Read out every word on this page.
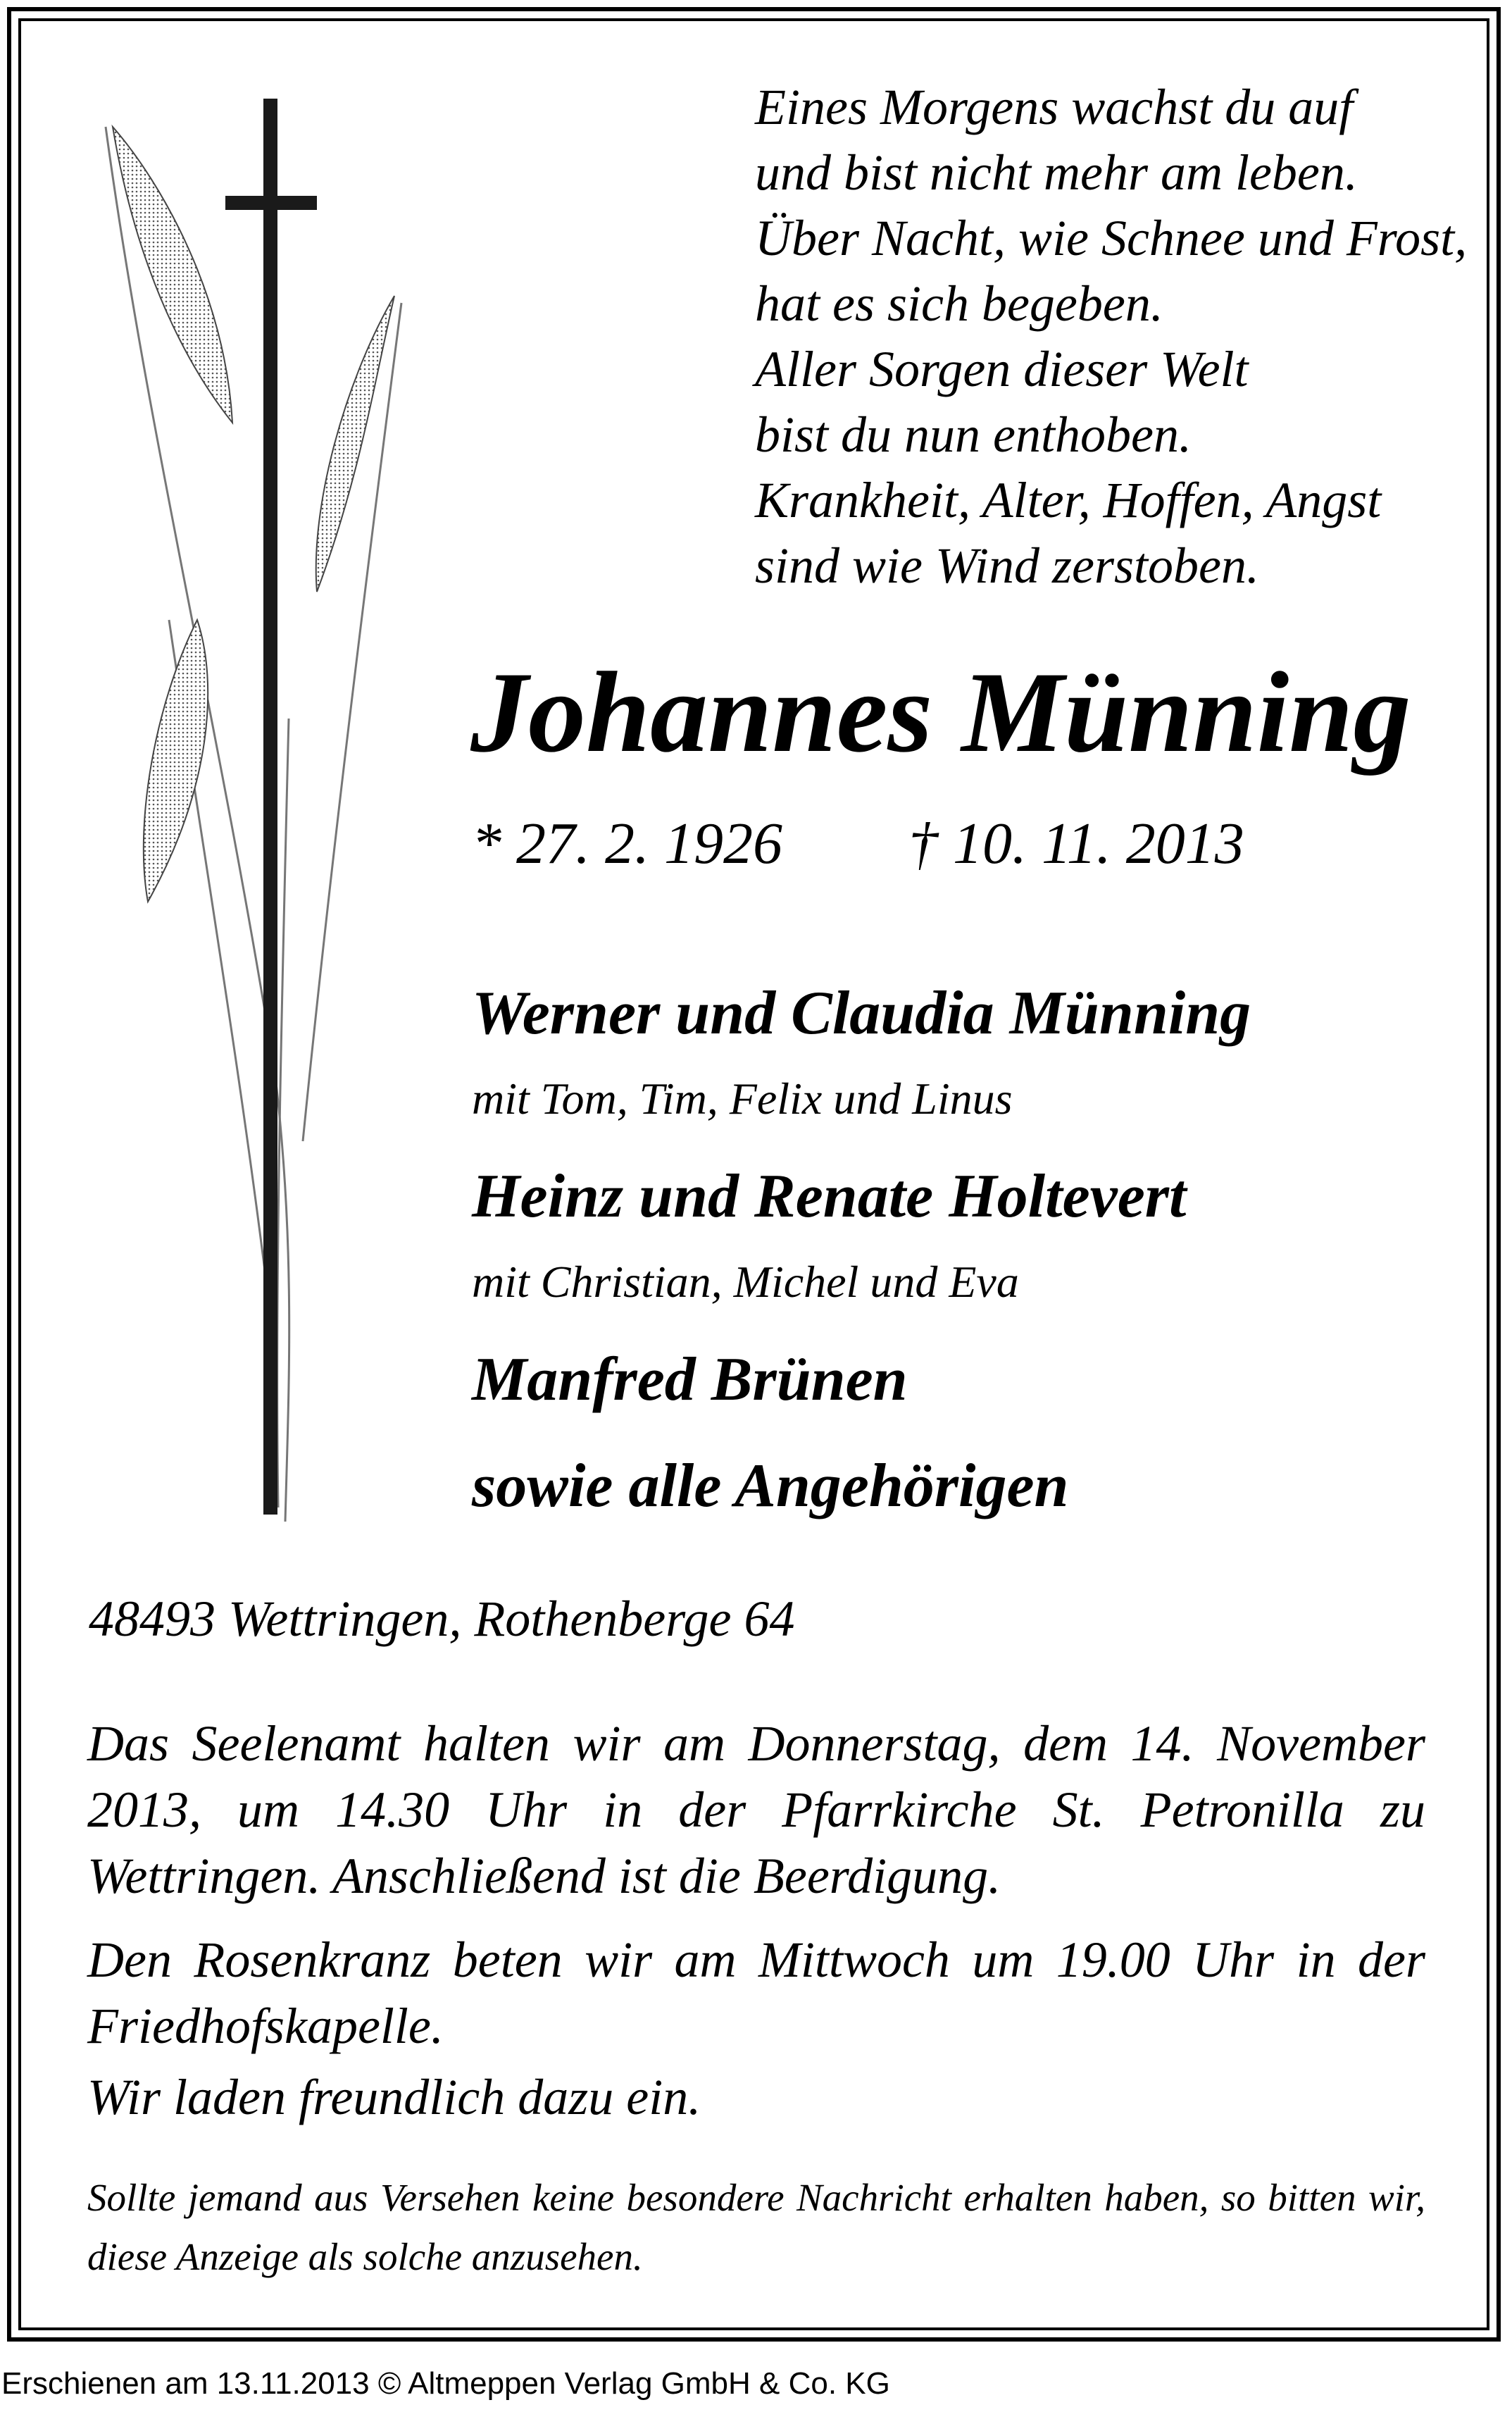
Eines Morgens wachst du auf
und bist nicht mehr am leben.
Über Nacht, wie Schnee und Frost,
hat es sich begeben.
Aller Sorgen dieser Welt
bist du nun enthoben.
Krankheit, Alter, Hoffen, Angst
sind wie Wind zerstoben.
Johannes Münning
* 27. 2. 1926 † 10. 11. 2013
Werner und Claudia Münning
mit Tom, Tim, Felix und Linus
Heinz und Renate Holtevert
mit Christian, Michel und Eva
Manfred Brünen
sowie alle Angehörigen
48493 Wettringen, Rothenberge 64
Das Seelenamt halten wir am Donnerstag, dem 14. November 2013, um 14.30 Uhr in der Pfarrkirche St. Petronilla zu Wettringen. Anschließend ist die Beerdigung.
Den Rosenkranz beten wir am Mittwoch um 19.00 Uhr in der Friedhofskapelle.
Wir laden freundlich dazu ein.
Sollte jemand aus Versehen keine besondere Nachricht erhalten haben, so bitten wir, diese Anzeige als solche anzusehen.
Erschienen am 13.11.2013 © Altmeppen Verlag GmbH & Co. KG
